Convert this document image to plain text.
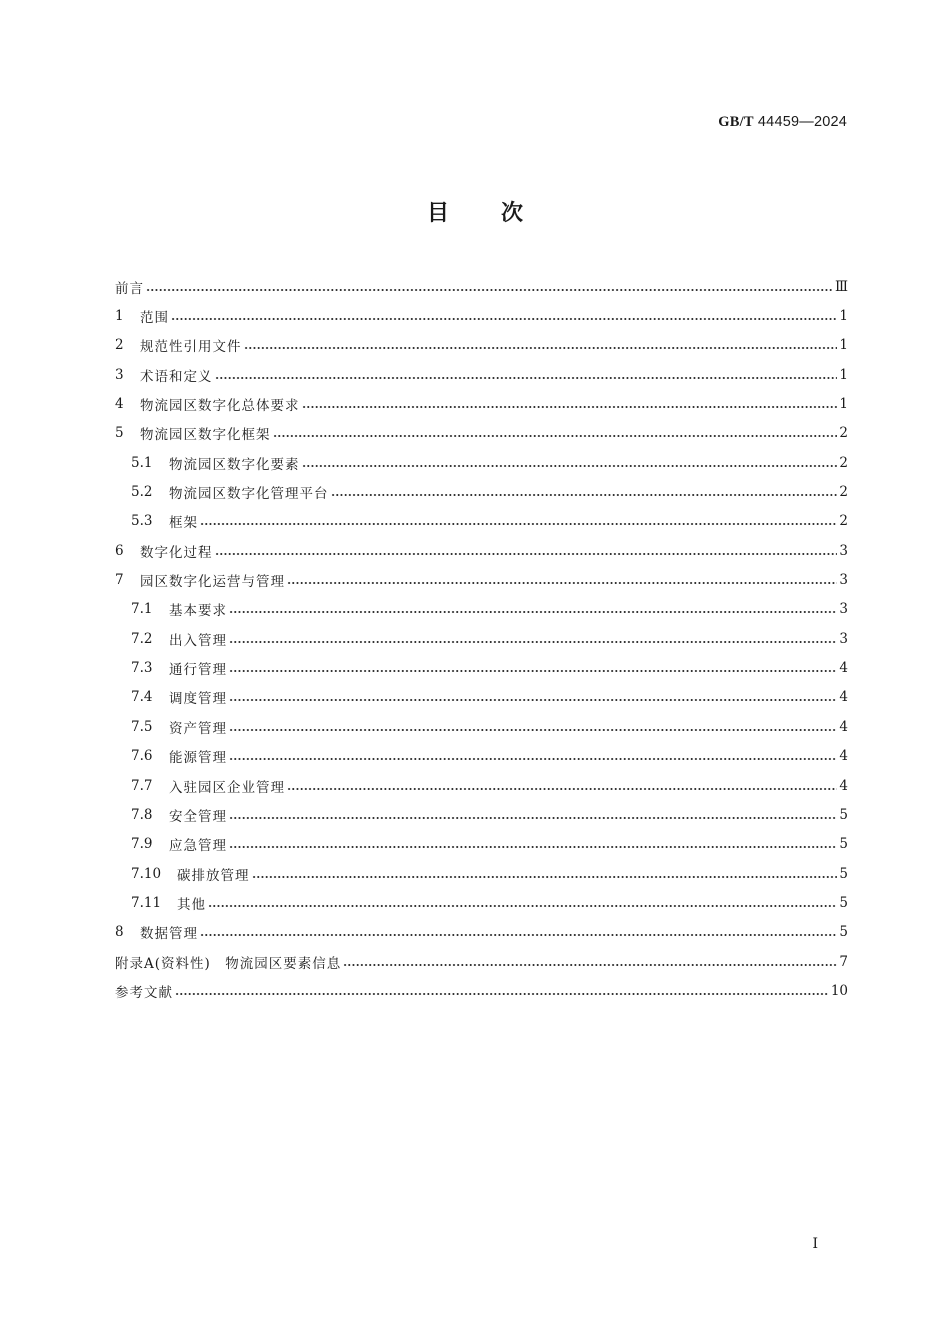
GB/T 44459—2024
目次
前言	Ⅲ
1	范围	1
2	规范性引用文件	1
3	术语和定义	1
4	物流园区数字化总体要求	1
5	物流园区数字化框架	2
5.1	物流园区数字化要素	2
5.2	物流园区数字化管理平台	2
5.3	框架	2
6	数字化过程	3
7	园区数字化运营与管理	3
7.1	基本要求	3
7.2	出入管理	3
7.3	通行管理	4
7.4	调度管理	4
7.5	资产管理	4
7.6	能源管理	4
7.7	入驻园区企业管理	4
7.8	安全管理	5
7.9	应急管理	5
7.10	碳排放管理	5
7.11	其他	5
8	数据管理	5
附录A(资料性)　物流园区要素信息	7
参考文献	10
I
